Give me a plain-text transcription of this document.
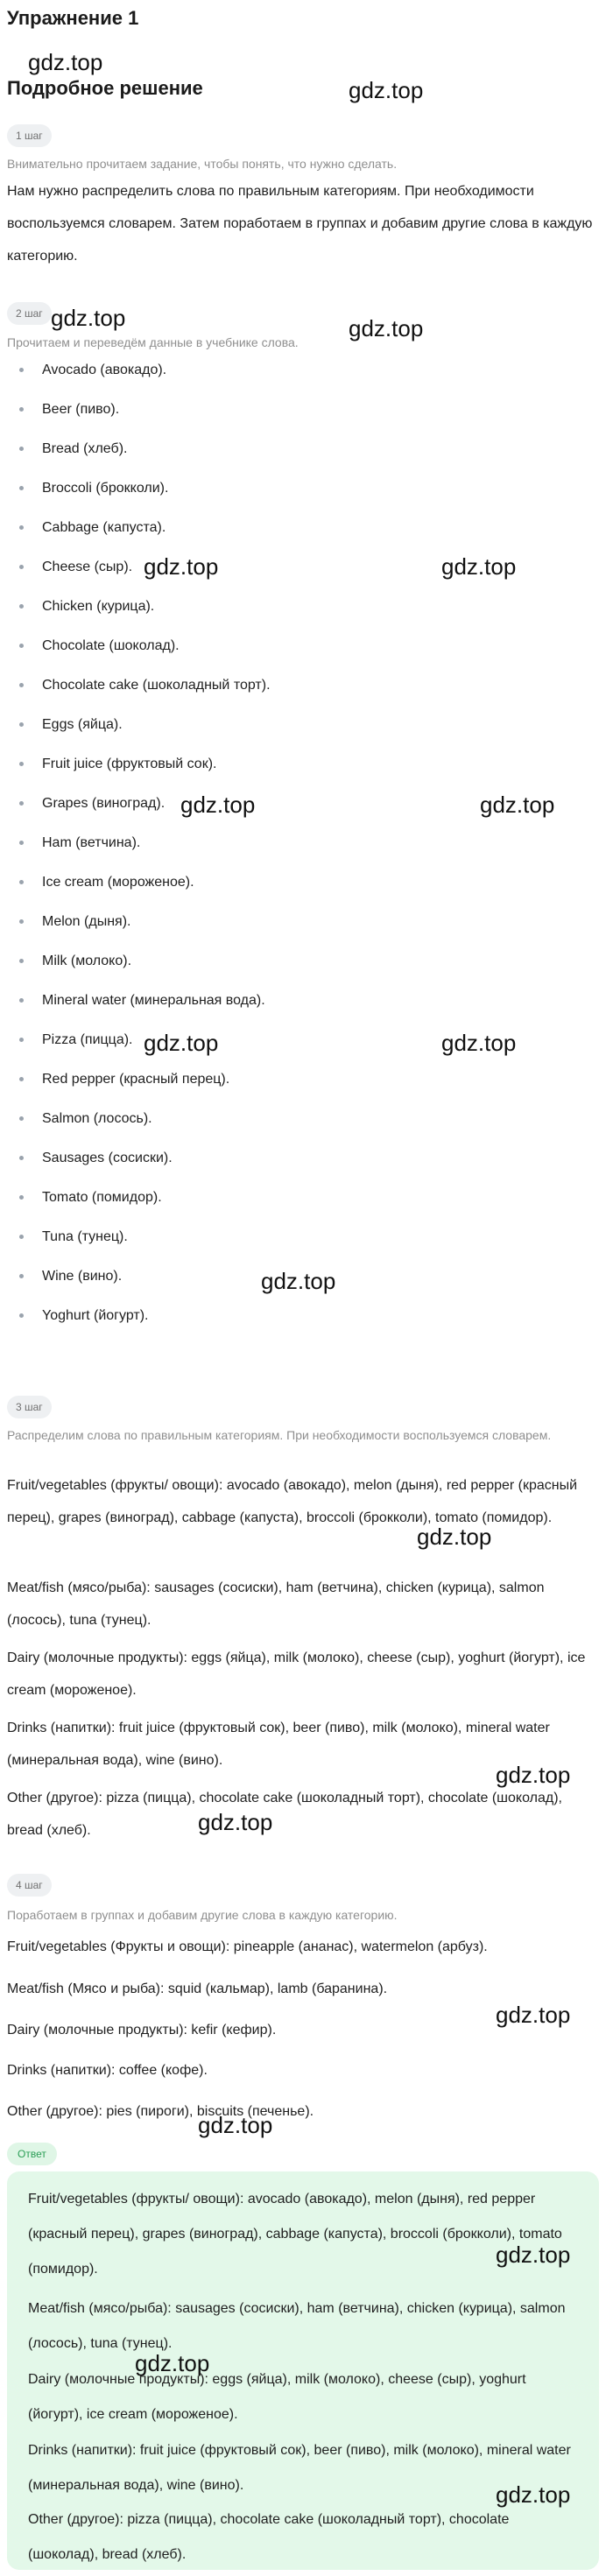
Упражнение 1
Подробное решение
1 шаг
Внимательно прочитаем задание, чтобы понять, что нужно сделать.
Нам нужно распределить слова по правильным категориям. При необходимости воспользуемся словарем. Затем поработаем в группах и добавим другие слова в каждую категорию.
2 шаг
Прочитаем и переведём данные в учебнике слова.
Avocado (авокадо).
Beer (пиво).
Bread (хлеб).
Broccoli (брокколи).
Cabbage (капуста).
Cheese (сыр).
Chicken (курица).
Chocolate (шоколад).
Chocolate cake (шоколадный торт).
Eggs (яйца).
Fruit juice (фруктовый сок).
Grapes (виноград).
Ham (ветчина).
Ice cream (мороженое).
Melon (дыня).
Milk (молоко).
Mineral water (минеральная вода).
Pizza (пицца).
Red pepper (красный перец).
Salmon (лосось).
Sausages (сосиски).
Tomato (помидор).
Tuna (тунец).
Wine (вино).
Yoghurt (йогурт).
3 шаг
Распределим слова по правильным категориям. При необходимости воспользуемся словарем.
Fruit/vegetables (фрукты/ овощи): avocado (авокадо), melon (дыня), red pepper (красный перец), grapes (виноград), cabbage (капуста), broccoli (брокколи), tomato (помидор).
Meat/fish (мясо/рыба): sausages (сосиски), ham (ветчина), chicken (курица), salmon (лосось), tuna (тунец).
Dairy (молочные продукты): eggs (яйца), milk (молоко), cheese (сыр), yoghurt (йогурт), ice cream (мороженое).
Drinks (напитки): fruit juice (фруктовый сок), beer (пиво), milk (молоко), mineral water (минеральная вода), wine (вино).
Other (другое): pizza (пицца), chocolate cake (шоколадный торт), chocolate (шоколад), bread (хлеб).
4 шаг
Поработаем в группах и добавим другие слова в каждую категорию.
Fruit/vegetables (Фрукты и овощи): pineapple (ананас), watermelon (арбуз).
Meat/fish (Мясо и рыба): squid (кальмар), lamb (баранина).
Dairy (молочные продукты): kefir (кефир).
Drinks (напитки): coffee (кофе).
Other (другое): pies (пироги), biscuits (печенье).
Ответ
Fruit/vegetables (фрукты/ овощи): avocado (авокадо), melon (дыня), red pepper (красный перец), grapes (виноград), cabbage (капуста), broccoli (брокколи), tomato (помидор).
Meat/fish (мясо/рыба): sausages (сосиски), ham (ветчина), chicken (курица), salmon (лосось), tuna (тунец).
Dairy (молочные продукты): eggs (яйца), milk (молоко), cheese (сыр), yoghurt (йогурт), ice cream (мороженое).
Drinks (напитки): fruit juice (фруктовый сок), beer (пиво), milk (молоко), mineral water (минеральная вода), wine (вино).
Other (другое): pizza (пицца), chocolate cake (шоколадный торт), chocolate (шоколад), bread (хлеб).
gdz.top
gdz.top
gdz.top	gdz.top
gdz.top	gdz.top
gdz.top	gdz.top
gdz.top	gdz.top
gdz.top
gdz.top
gdz.top
gdz.top
gdz.top
gdz.top
gdz.top
gdz.top
gdz.top
